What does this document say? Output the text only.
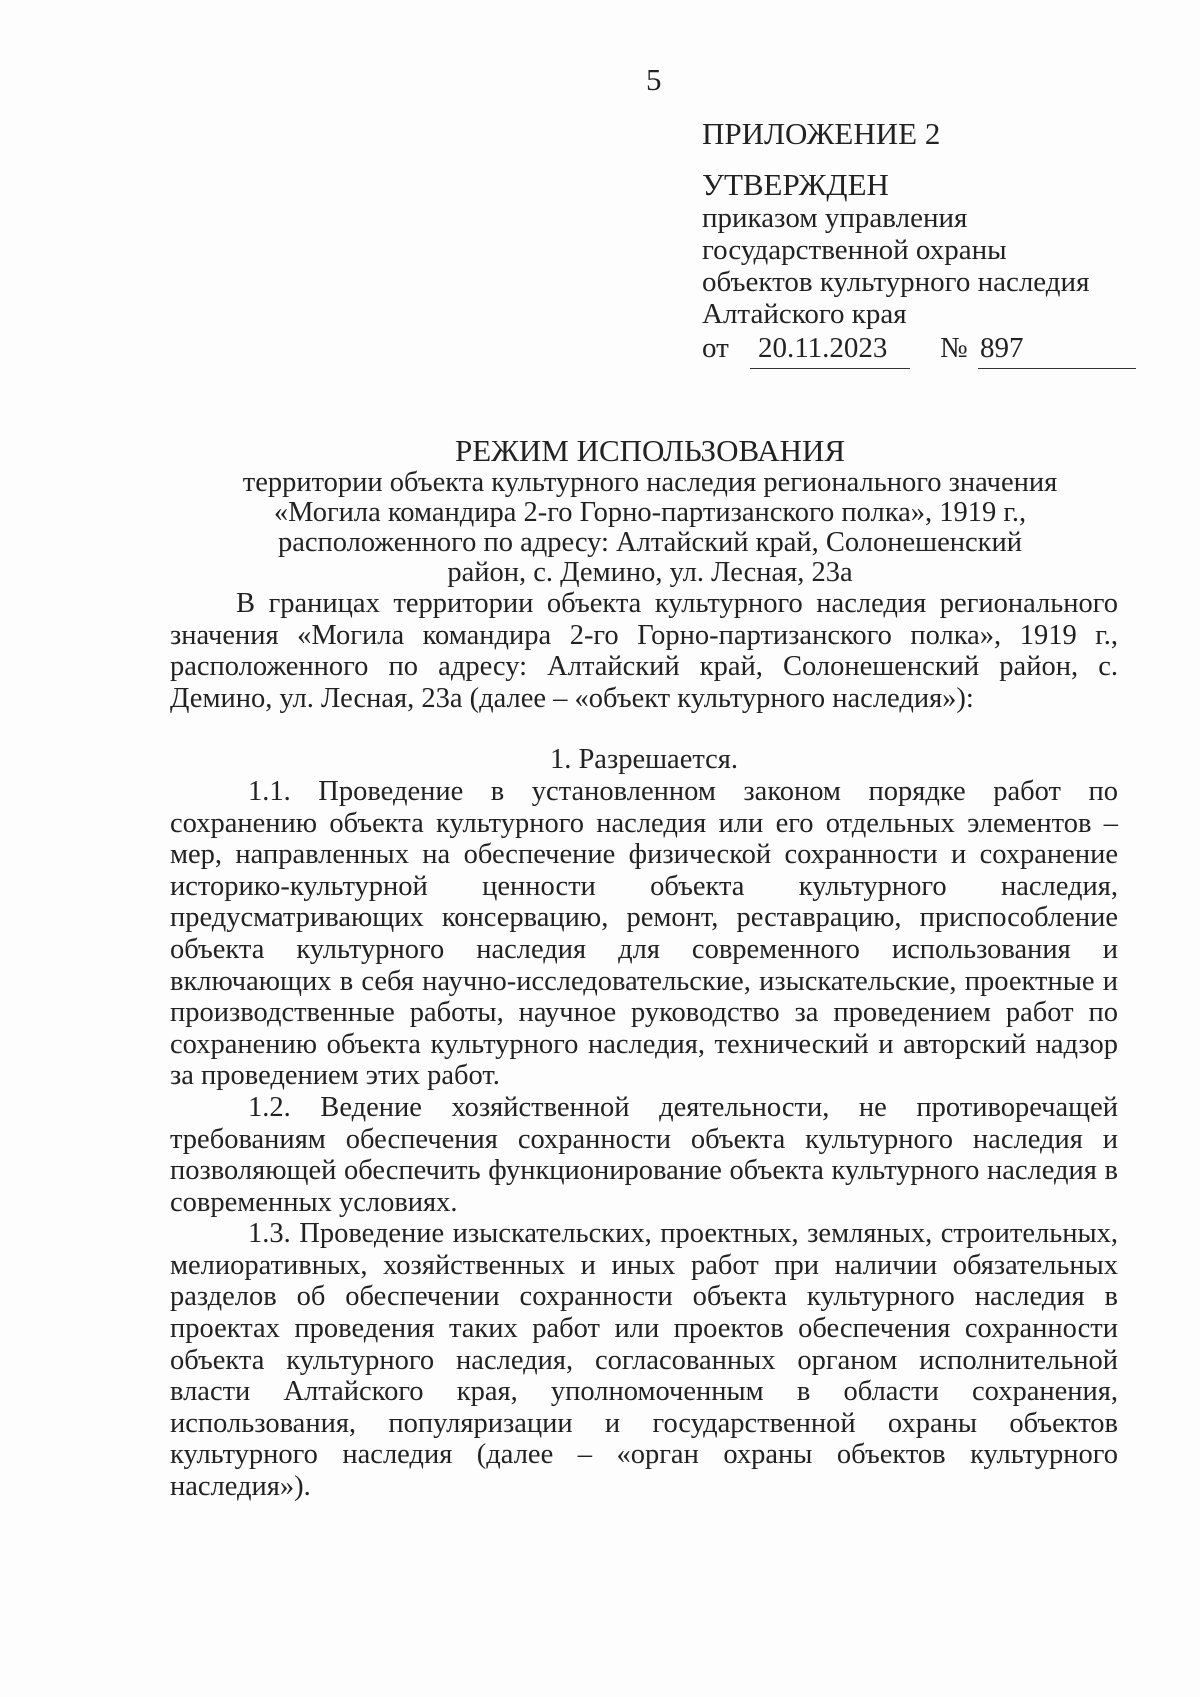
5
ПРИЛОЖЕНИЕ 2
УТВЕРЖДЕН
приказом управления
государственной охраны
объектов культурного наследия
Алтайского края
от 20.11.2023 № 897
РЕЖИМ ИСПОЛЬЗОВАНИЯ
территории объекта культурного наследия регионального значения
«Могила командира 2-го Горно-партизанского полка», 1919 г.,
расположенного по адресу: Алтайский край, Солонешенский
район, с. Демино, ул. Лесная, 23а

В границах территории объекта культурного наследия регионального значения «Могила командира 2-го Горно-партизанского полка», 1919 г., расположенного по адресу: Алтайский край, Солонешенский район, с. Демино, ул. Лесная, 23а (далее – «объект культурного наследия»):

1. Разрешается.

1.1. Проведение в установленном законом порядке работ по сохранению объекта культурного наследия или его отдельных элементов – мер, направленных на обеспечение физической сохранности и сохранение историко-культурной ценности объекта культурного наследия, предусматривающих консервацию, ремонт, реставрацию, приспособление объекта культурного наследия для современного использования и включающих в себя научно-исследовательские, изыскательские, проектные и производственные работы, научное руководство за проведением работ по сохранению объекта культурного наследия, технический и авторский надзор за проведением этих работ.

1.2. Ведение хозяйственной деятельности, не противоречащей требованиям обеспечения сохранности объекта культурного наследия и позволяющей обеспечить функционирование объекта культурного наследия в современных условиях.

1.3. Проведение изыскательских, проектных, земляных, строительных, мелиоративных, хозяйственных и иных работ при наличии обязательных разделов об обеспечении сохранности объекта культурного наследия в проектах проведения таких работ или проектов обеспечения сохранности объекта культурного наследия, согласованных органом исполнительной власти Алтайского края, уполномоченным в области сохранения, использования, популяризации и государственной охраны объектов культурного наследия (далее – «орган охраны объектов культурного наследия»).
